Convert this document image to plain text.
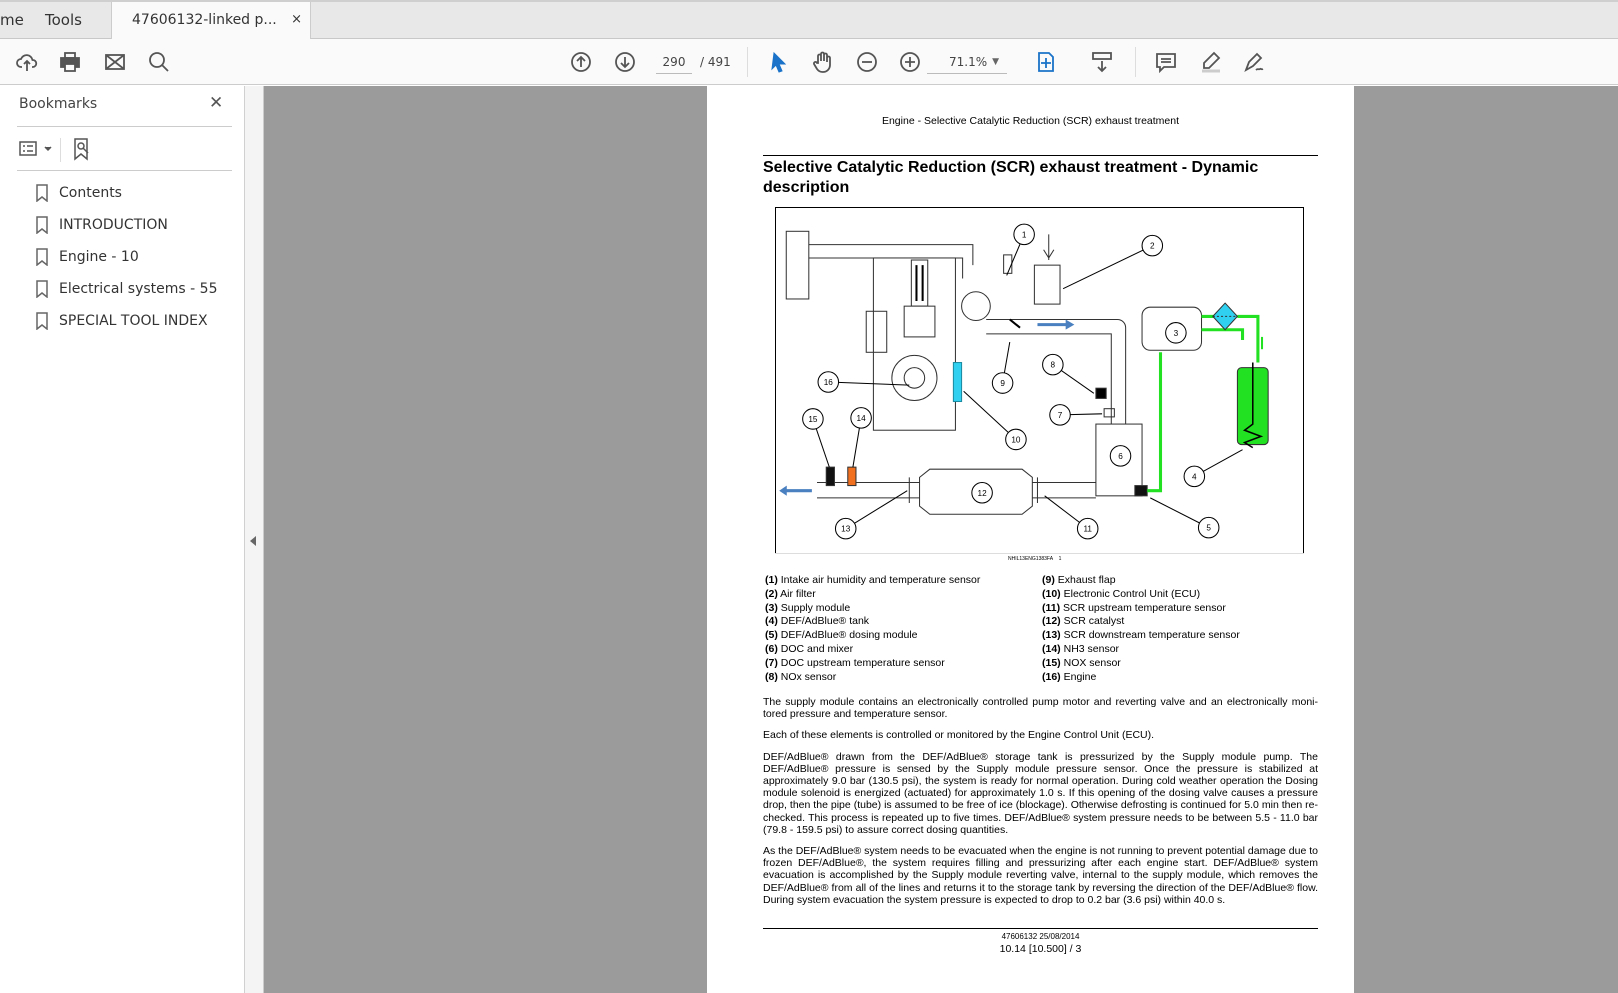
me Tools	47606132-linked p... ×
290
/ 491	71.1% ▼
Bookmarks	✕
Contents
INTRODUCTION
Engine - 10
Electrical systems - 55
SPECIAL TOOL INDEX
Engine - Selective Catalytic Reduction (SCR) exhaust treatment
Selective Catalytic Reduction (SCR) exhaust treatment - Dynamic description
1
2
3
4
5
6
7
8
9
10
11
12
13
14
15
16
NHIL13ENG1383FA 1
(1) Intake air humidity and temperature sensor
(2) Air filter
(3) Supply module
(4) DEF/AdBlue® tank
(5) DEF/AdBlue® dosing module
(6) DOC and mixer
(7) DOC upstream temperature sensor
(8) NOx sensor
(9) Exhaust flap
(10) Electronic Control Unit (ECU)
(11) SCR upstream temperature sensor
(12) SCR catalyst
(13) SCR downstream temperature sensor
(14) NH3 sensor
(15) NOX sensor
(16) Engine
The supply module contains an electronically controlled pump motor and reverting valve and an electronically moni-tored pressure and temperature sensor.
Each of these elements is controlled or monitored by the Engine Control Unit (ECU).
DEF/AdBlue® drawn from the DEF/AdBlue® storage tank is pressurized by the Supply module pump. The DEF/AdBlue® pressure is sensed by the Supply module pressure sensor. Once the pressure is stabilized at approximately 9.0 bar (130.5 psi), the system is ready for normal operation. During cold weather operation the Dosing module solenoid is energized (actuated) for approximately 1.0 s. If this opening of the dosing valve causes a pressure drop, then the pipe (tube) is assumed to be free of ice (blockage). Otherwise defrosting is continued for 5.0 min then re-checked. This process is repeated up to five times. DEF/AdBlue® system pressure needs to be between 5.5 - 11.0 bar (79.8 - 159.5 psi) to assure correct dosing quantities.
As the DEF/AdBlue® system needs to be evacuated when the engine is not running to prevent potential damage due to frozen DEF/AdBlue®, the system requires filling and pressurizing after each engine start. DEF/AdBlue® system evacuation is accomplished by the Supply module reverting valve, internal to the supply module, which removes the DEF/AdBlue® from all of the lines and returns it to the storage tank by reversing the direction of the DEF/AdBlue® flow. During system evacuation the system pressure is expected to drop to 0.2 bar (3.6 psi) within 40.0 s.
47606132 25/08/2014
10.14 [10.500] / 3
